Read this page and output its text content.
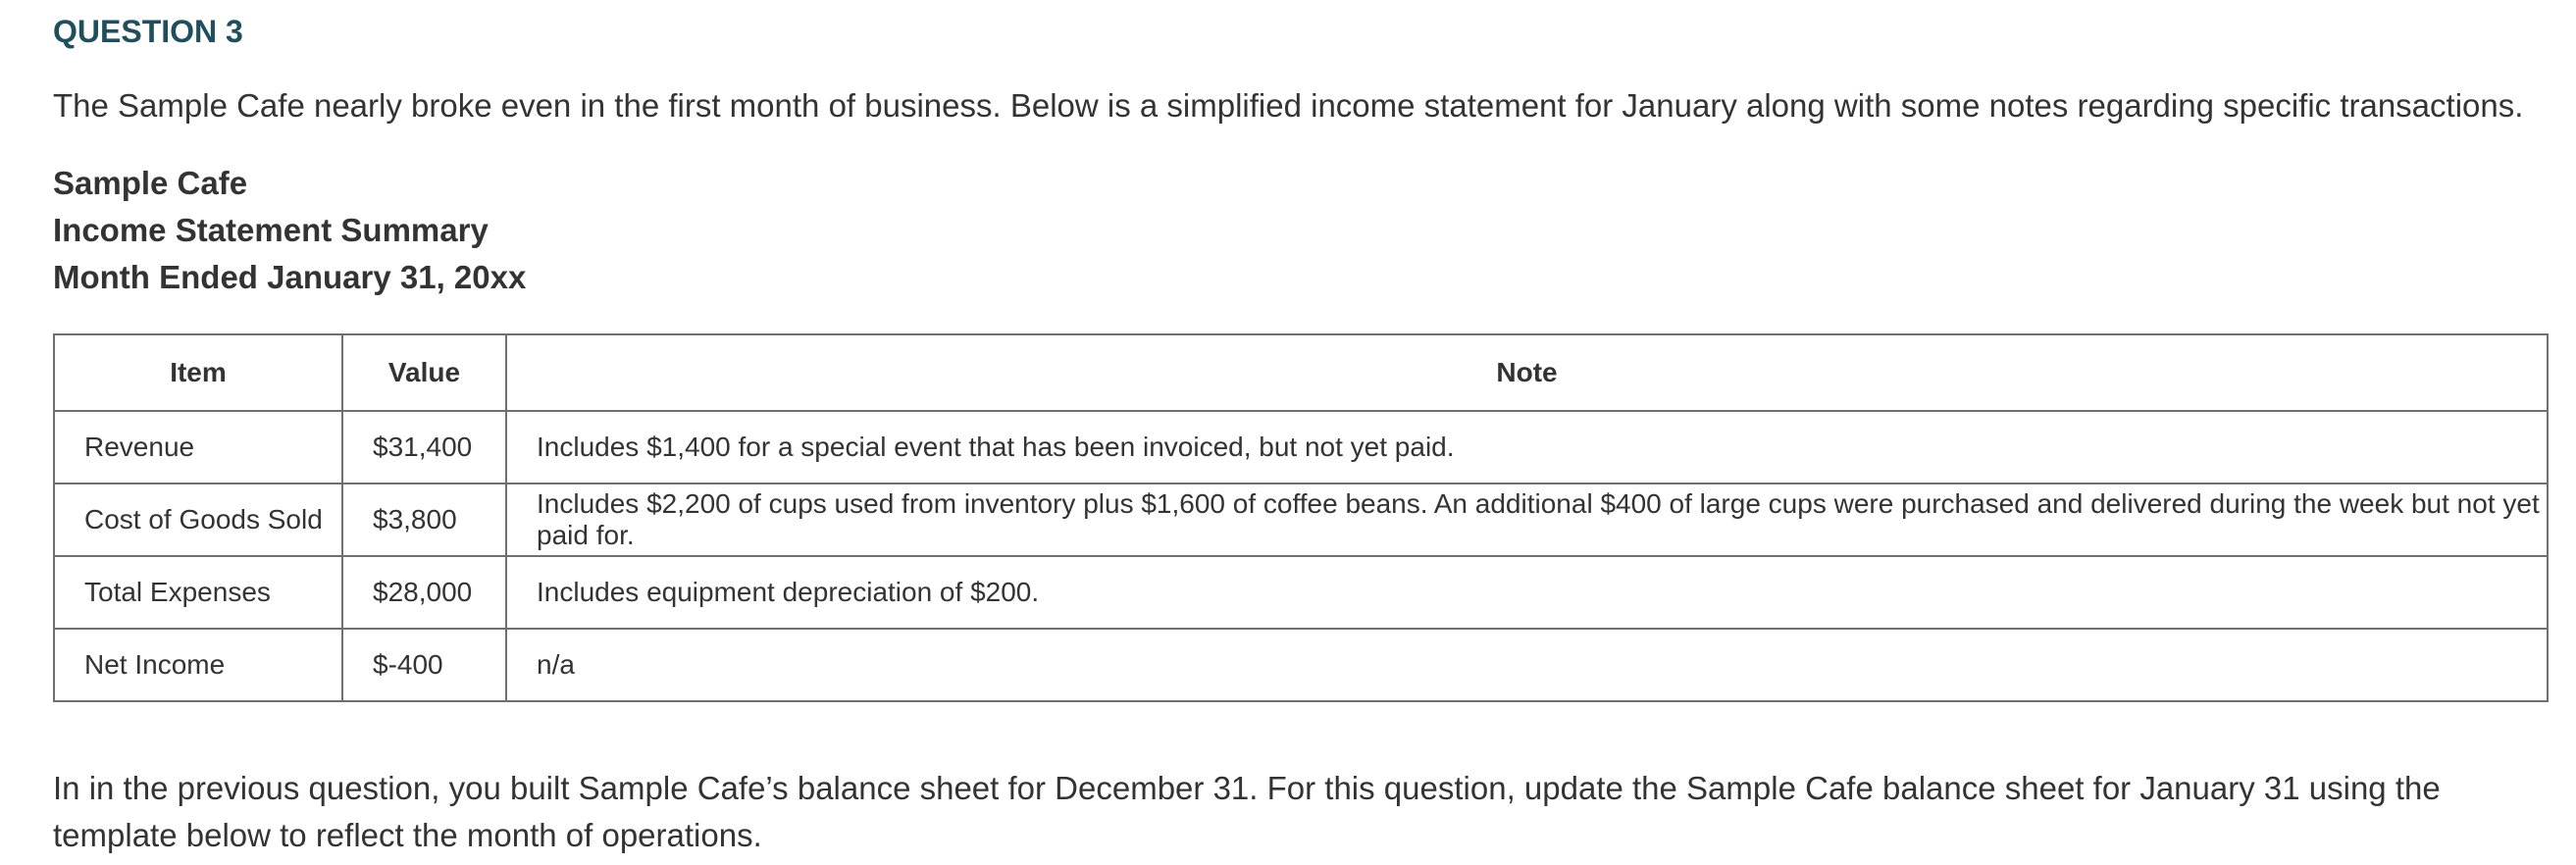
QUESTION 3

The Sample Cafe nearly broke even in the first month of business. Below is a simplified income statement for January along with some notes regarding specific transactions.

Sample Cafe

Income Statement Summary

Month Ended January 31, 20xx

Item	Value	Note
Revenue	$31,400	Includes $1,400 for a special event that has been invoiced, but not yet paid.
Cost of Goods Sold	$3,800	Includes $2,200 of cups used from inventory plus $1,600 of coffee beans. An additional $400 of large cups were purchased and delivered during the week but not yet paid for.
Total Expenses	$28,000	Includes equipment depreciation of $200.
Net Income	$-400	n/a

In in the previous question, you built Sample Cafe’s balance sheet for December 31. For this question, update the Sample Cafe balance sheet for January 31 using the template below to reflect the month of operations.
